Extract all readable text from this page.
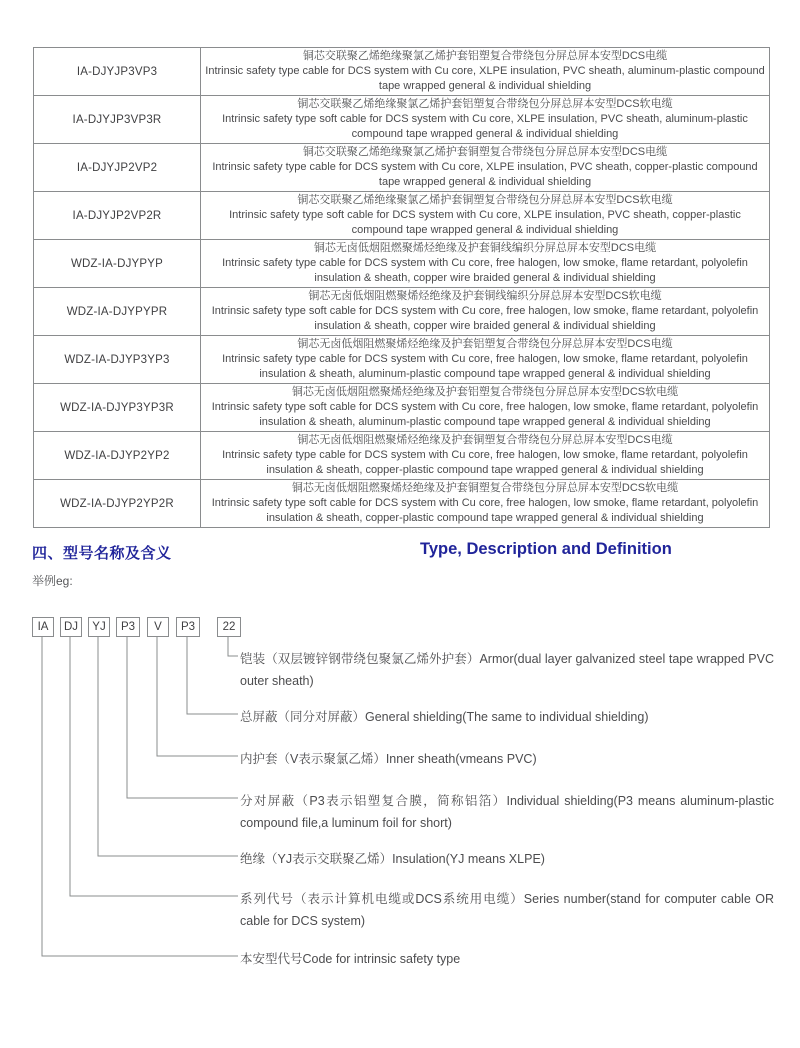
IA-DJYJP3VP3	铜芯交联聚乙烯绝缘聚氯乙烯护套铝塑复合带绕包分屏总屏本安型DCS电缆
Intrinsic safety type cable for DCS system with Cu core, XLPE insulation, PVC sheath, aluminum-plastic compound tape wrapped general & individual shielding

IA-DJYJP3VP3R	铜芯交联聚乙烯绝缘聚氯乙烯护套铝塑复合带绕包分屏总屏本安型DCS软电缆
Intrinsic safety type soft cable for DCS system with Cu core, XLPE insulation, PVC sheath, aluminum-plastic compound tape wrapped general & individual shielding

IA-DJYJP2VP2	铜芯交联聚乙烯绝缘聚氯乙烯护套铜塑复合带绕包分屏总屏本安型DCS电缆
Intrinsic safety type cable for DCS system with Cu core, XLPE insulation, PVC sheath, copper-plastic compound tape wrapped general & individual shielding

IA-DJYJP2VP2R	铜芯交联聚乙烯绝缘聚氯乙烯护套铜塑复合带绕包分屏总屏本安型DCS软电缆
Intrinsic safety type soft cable for DCS system with Cu core, XLPE insulation, PVC sheath, copper-plastic compound tape wrapped general & individual shielding

WDZ-IA-DJYPYP	铜芯无卤低烟阻燃聚烯烃绝缘及护套铜线编织分屏总屏本安型DCS电缆
Intrinsic safety type cable for DCS system with Cu core, free halogen, low smoke, flame retardant, polyolefin insulation & sheath, copper wire braided general & individual shielding

WDZ-IA-DJYPYPR	铜芯无卤低烟阻燃聚烯烃绝缘及护套铜线编织分屏总屏本安型DCS软电缆
Intrinsic safety type soft cable for DCS system with Cu core, free halogen, low smoke, flame retardant, polyolefin insulation & sheath, copper wire braided general & individual shielding

WDZ-IA-DJYP3YP3	铜芯无卤低烟阻燃聚烯烃绝缘及护套铝塑复合带绕包分屏总屏本安型DCS电缆
Intrinsic safety type cable for DCS system with Cu core, free halogen, low smoke, flame retardant, polyolefin insulation & sheath, aluminum-plastic compound tape wrapped general & individual shielding

WDZ-IA-DJYP3YP3R	铜芯无卤低烟阻燃聚烯烃绝缘及护套铝塑复合带绕包分屏总屏本安型DCS软电缆
Intrinsic safety type soft cable for DCS system with Cu core, free halogen, low smoke, flame retardant, polyolefin insulation & sheath, aluminum-plastic compound tape wrapped general & individual shielding

WDZ-IA-DJYP2YP2	铜芯无卤低烟阻燃聚烯烃绝缘及护套铜塑复合带绕包分屏总屏本安型DCS电缆
Intrinsic safety type cable for DCS system with Cu core, free halogen, low smoke, flame retardant, polyolefin insulation & sheath, copper-plastic compound tape wrapped general & individual shielding

WDZ-IA-DJYP2YP2R	铜芯无卤低烟阻燃聚烯烃绝缘及护套铜塑复合带绕包分屏总屏本安型DCS软电缆
Intrinsic safety type soft cable for DCS system with Cu core, free halogen, low smoke, flame retardant, polyolefin insulation & sheath, copper-plastic compound tape wrapped general & individual shielding
四、型号名称及含义	Type, Description and Definition
举例eg:
IA	DJ	YJ	P3	V	P3	22
铠装（双层镀锌钢带绕包聚氯乙烯外护套）Armor(dual layer galvanized steel tape wrapped PVC outer sheath)
总屏蔽（同分对屏蔽）General shielding(The same to individual shielding)
内护套（V表示聚氯乙烯）Inner sheath(vmeans PVC)
分对屏蔽（P3表示铝塑复合膜，简称铝箔）Individual shielding(P3 means aluminum-plastic compound file,a luminum foil for short)
绝缘（YJ表示交联聚乙烯）Insulation(YJ means XLPE)
系列代号（表示计算机电缆或DCS系统用电缆）Series number(stand for computer cable OR cable for DCS system)
本安型代号Code for intrinsic safety type
